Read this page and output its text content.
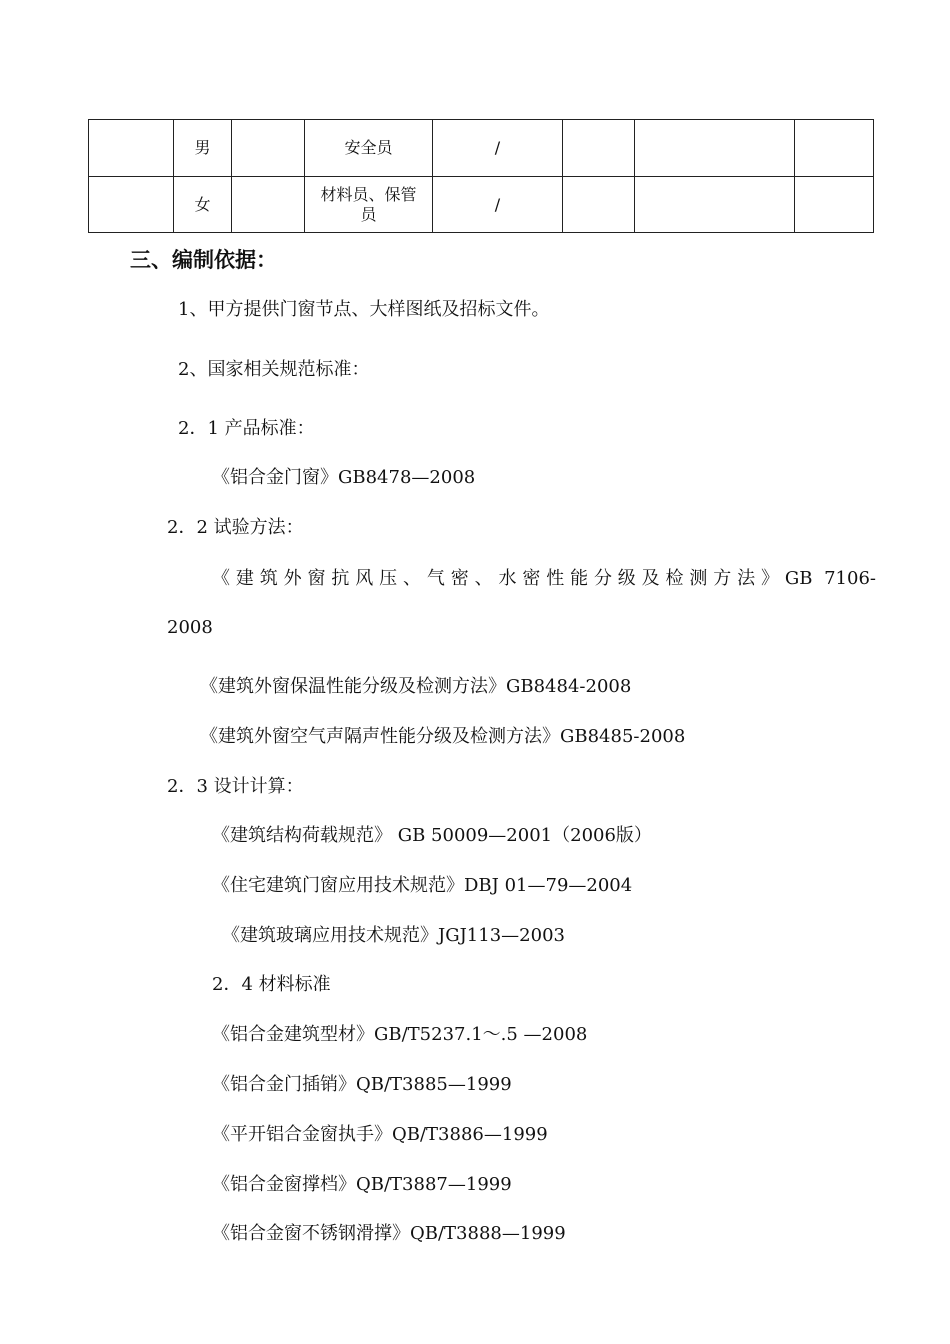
	男		安全员	/			
	女		材料员、保管员	/			
三、编制依据：
1、甲方提供门窗节点、大样图纸及招标文件。
2、国家相关规范标准：
2．1 产品标准：
《铝合金门窗》GB8478—2008
2．2 试验方法：
《建筑外窗抗风压、气密、水密性能分级及检测方法》GB 7106-
2008
《建筑外窗保温性能分级及检测方法》GB8484-2008
《建筑外窗空气声隔声性能分级及检测方法》GB8485-2008
2．3 设计计算：
《建筑结构荷载规范》 GB 50009—2001（2006版）
《住宅建筑门窗应用技术规范》DBJ 01—79—2004
《建筑玻璃应用技术规范》JGJ113—2003
2．4 材料标准
《铝合金建筑型材》GB/T5237.1～.5 —2008
《铝合金门插销》QB/T3885—1999
《平开铝合金窗执手》QB/T3886—1999
《铝合金窗撑档》QB/T3887—1999
《铝合金窗不锈钢滑撑》QB/T3888—1999
